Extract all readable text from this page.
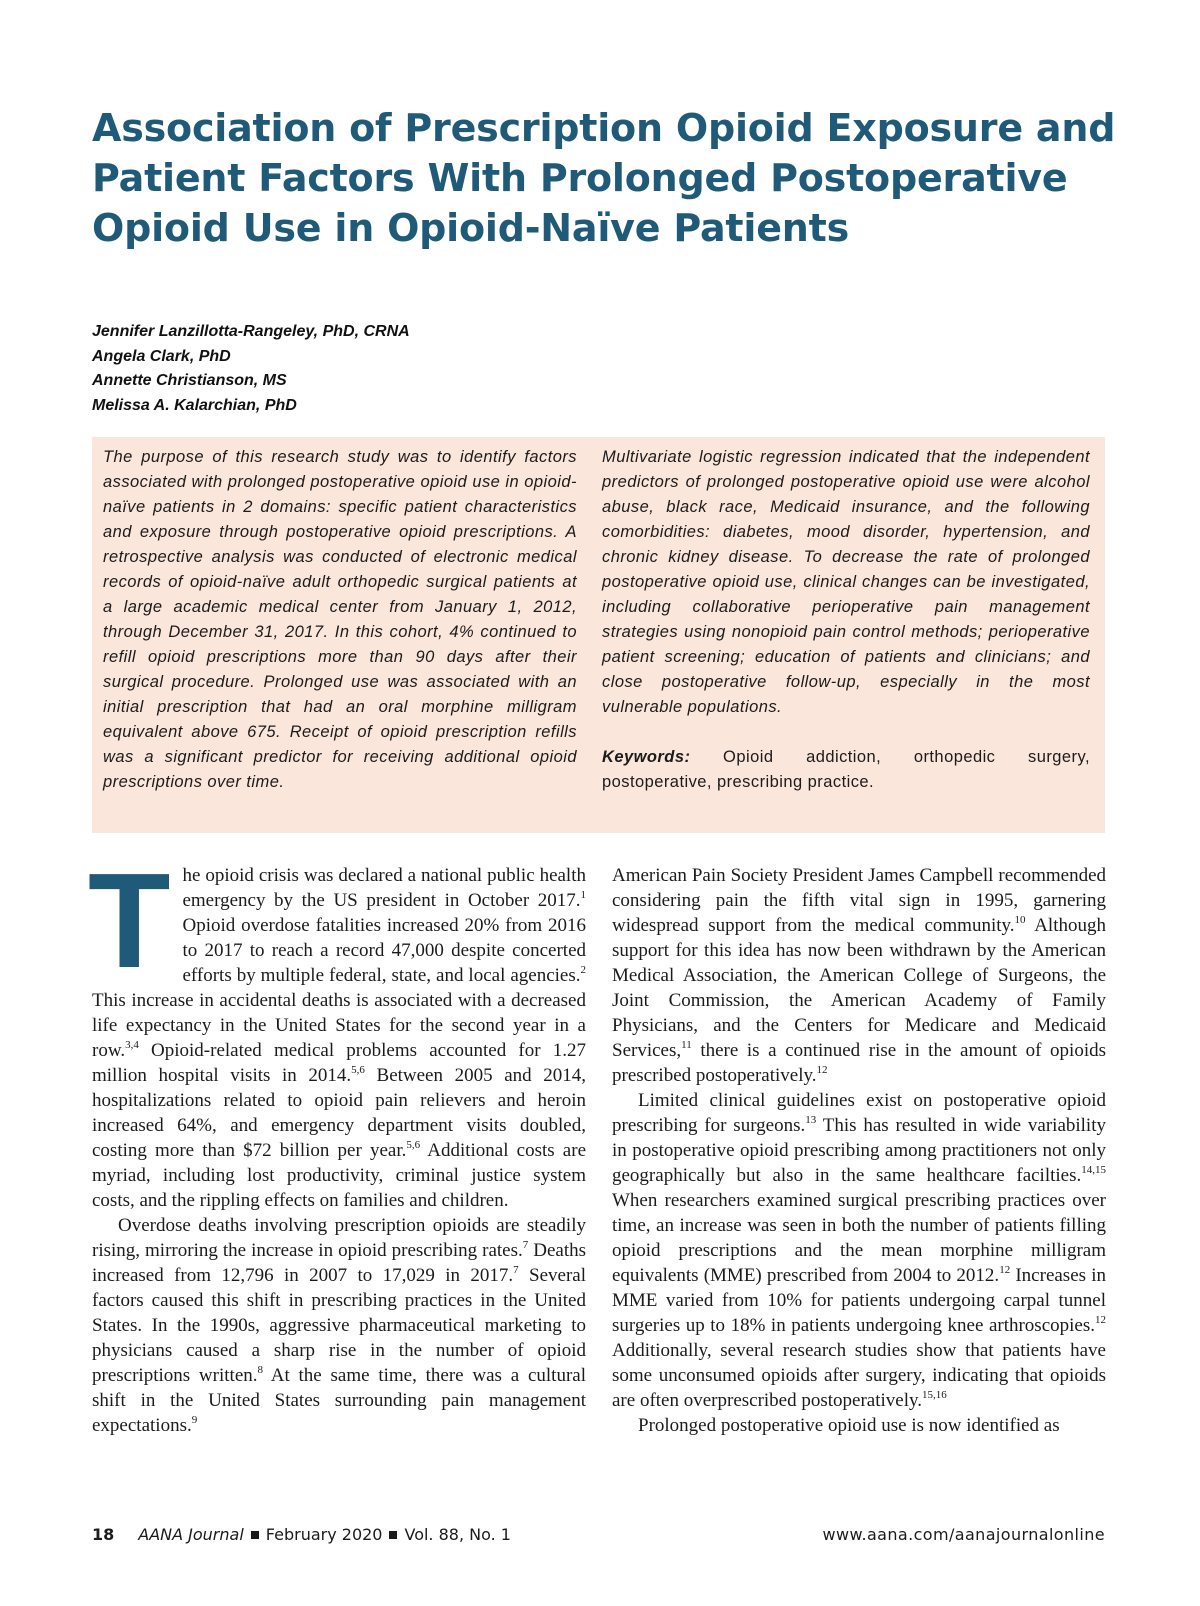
Association of Prescription Opioid Exposure and Patient Factors With Prolonged Postoperative Opioid Use in Opioid-Naïve Patients
Jennifer Lanzillotta-Rangeley, PhD, CRNA
Angela Clark, PhD
Annette Christianson, MS
Melissa A. Kalarchian, PhD

The purpose of this research study was to identify factors associated with prolonged postoperative opioid use in opioid-naïve patients in 2 domains: specific patient characteristics and exposure through postoperative opioid prescriptions. A retrospective analysis was conducted of electronic medical records of opioid-naïve adult orthopedic surgical patients at a large academic medical center from January 1, 2012, through December 31, 2017. In this cohort, 4% continued to refill opioid prescriptions more than 90 days after their surgical procedure. Prolonged use was associated with an initial prescription that had an oral morphine milligram equivalent above 675. Receipt of opioid prescription refills was a significant predictor for receiving additional opioid prescriptions over time.

Multivariate logistic regression indicated that the independent predictors of prolonged postoperative opioid use were alcohol abuse, black race, Medicaid insurance, and the following comorbidities: diabetes, mood disorder, hypertension, and chronic kidney disease. To decrease the rate of prolonged postoperative opioid use, clinical changes can be investigated, including collaborative perioperative pain management strategies using nonopioid pain control methods; perioperative patient screening; education of patients and clinicians; and close postoperative follow-up, especially in the most vulnerable populations.

Keywords: Opioid addiction, orthopedic surgery, postoperative, prescribing practice.

The opioid crisis was declared a national public health emergency by the US president in October 2017.$^1$ Opioid overdose fatalities increased 20% from 2016 to 2017 to reach a record 47,000 despite concerted efforts by multiple federal, state, and local agencies.$^2$ This increase in accidental deaths is associated with a decreased life expectancy in the United States for the second year in a row.$^{3,4}$ Opioid-related medical problems accounted for 1.27 million hospital visits in 2014.$^{5,6}$ Between 2005 and 2014, hospitalizations related to opioid pain relievers and heroin increased 64%, and emergency department visits doubled, costing more than $72 billion per year.$^{5,6}$ Additional costs are myriad, including lost productivity, criminal justice system costs, and the rippling effects on families and children.

Overdose deaths involving prescription opioids are steadily rising, mirroring the increase in opioid prescribing rates.$^7$ Deaths increased from 12,796 in 2007 to 17,029 in 2017.$^7$ Several factors caused this shift in prescribing practices in the United States. In the 1990s, aggressive pharmaceutical marketing to physicians caused a sharp rise in the number of opioid prescriptions written.$^8$ At the same time, there was a cultural shift in the United States surrounding pain management expectations.$^9$

American Pain Society President James Campbell recommended considering pain the fifth vital sign in 1995, garnering widespread support from the medical community.$^{10}$ Although support for this idea has now been withdrawn by the American Medical Association, the American College of Surgeons, the Joint Commission, the American Academy of Family Physicians, and the Centers for Medicare and Medicaid Services,$^{11}$ there is a continued rise in the amount of opioids prescribed postoperatively.$^{12}$

Limited clinical guidelines exist on postoperative opioid prescribing for surgeons.$^{13}$ This has resulted in wide variability in postoperative opioid prescribing among practitioners not only geographically but also in the same healthcare facilties.$^{14,15}$ When researchers examined surgical prescribing practices over time, an increase was seen in both the number of patients filling opioid prescriptions and the mean morphine milligram equivalents (MME) prescribed from 2004 to 2012.12 Increases in MME varied from 10% for patients undergoing carpal tunnel surgeries up to 18% in patients undergoing knee arthroscopies.$^{12}$ Additionally, several research studies show that patients have some unconsumed opioids after surgery, indicating that opioids are often overprescribed postoperatively.$^{15,16}$

Prolonged postoperative opioid use is now identified as

18 AANA Journal February 2020 Vol. 88, No. 1	www.aana.com/aanajournalonline
